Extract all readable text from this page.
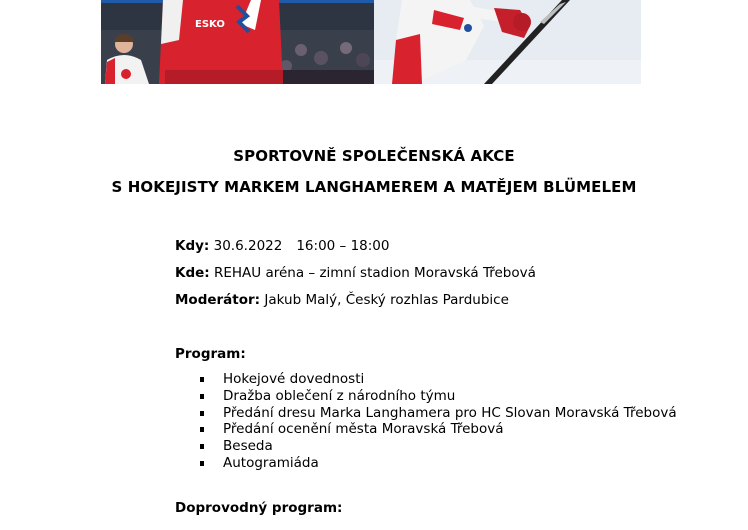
ESKO
SPORTOVNĚ SPOLEČENSKÁ AKCE
S HOKEJISTY MARKEM LANGHAMEREM A MATĚJEM BLÜMELEM
Kdy: 30.6.2022 16:00 – 18:00
Kde: REHAU aréna – zimní stadion Moravská Třebová
Moderátor: Jakub Malý, Český rozhlas Pardubice
Program:
Hokejové dovednosti
Dražba oblečení z národního týmu
Předání dresu Marka Langhamera pro HC Slovan Moravská Třebová
Předání ocenění města Moravská Třebová
Beseda
Autogramiáda
Doprovodný program:
